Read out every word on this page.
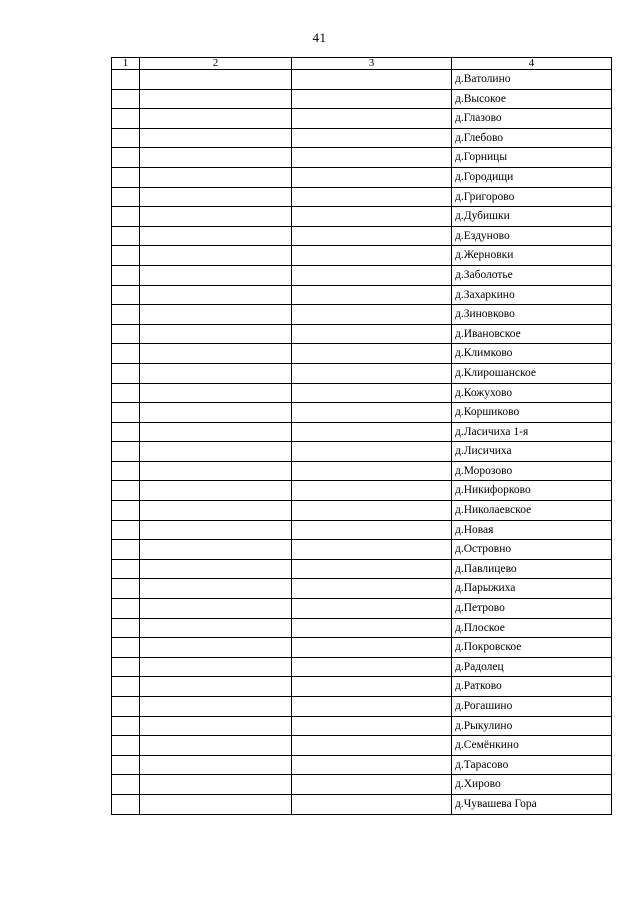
41
1	2	3	4
			д.Ватолино
			д.Высокое
			д.Глазово
			д.Глебово
			д.Горницы
			д.Городищи
			д.Григорово
			д.Дубишки
			д.Ездуново
			д.Жерновки
			д.Заболотье
			д.Захаркино
			д.Зиновково
			д.Ивановское
			д.Климково
			д.Клирошанское
			д.Кожухово
			д.Коршиково
			д.Ласичиха 1-я
			д.Лисичиха
			д.Морозово
			д.Никифорково
			д.Николаевское
			д.Новая
			д.Островно
			д.Павлицево
			д.Парыжиха
			д.Петрово
			д.Плоское
			д.Покровское
			д.Радолец
			д.Ратково
			д.Рогашино
			д.Рыкулино
			д.Семёнкино
			д.Тарасово
			д.Хирово
			д.Чувашева Гора
